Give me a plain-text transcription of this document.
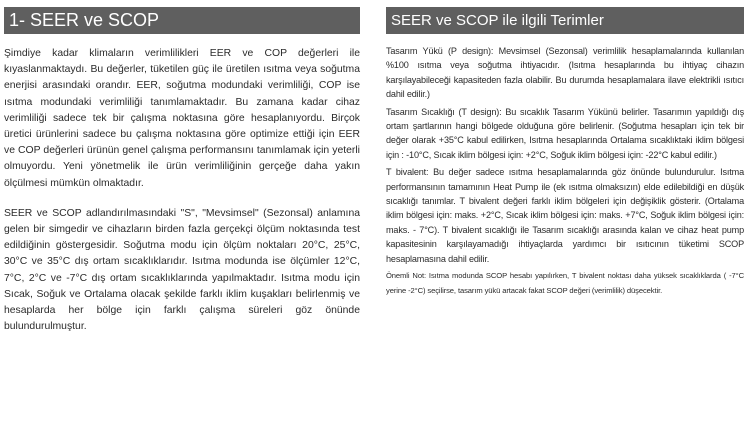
1- SEER ve SCOP

Şimdiye kadar klimaların verimlilikleri EER ve COP değerleri ile kıyaslanmaktaydı. Bu değerler, tüketilen güç ile üretilen ısıtma veya soğutma enerjisi arasındaki orandır. EER, soğutma modundaki verimliliği, COP ise ısıtma modundaki verimliliği tanımlamaktadır. Bu zamana kadar cihaz verimliliği sadece tek bir çalışma noktasına göre hesaplanıyordu. Birçok üretici ürünlerini sadece bu çalışma noktasına göre optimize ettiği için EER ve COP değerleri ürünün genel çalışma performansını tanımlamak için yeterli olmuyordu. Yeni yönetmelik ile ürün verimliliğinin gerçeğe daha yakın ölçülmesi mümkün olmaktadır.

SEER ve SCOP adlandırılmasındaki "S", "Mevsimsel" (Sezonsal) anlamına gelen bir simgedir ve cihazların birden fazla gerçekçi ölçüm noktasında test edildiğinin göstergesidir. Soğutma modu için ölçüm noktaları 20°C, 25°C, 30°C ve 35°C dış ortam sıcaklıklarıdır. Isıtma modunda ise ölçümler 12°C, 7°C, 2°C ve -7°C dış ortam sıcaklıklarında yapılmaktadır. Isıtma modu için Sıcak, Soğuk ve Ortalama olacak şekilde farklı iklim kuşakları belirlenmiş ve hesaplarda her bölge için farklı çalışma süreleri göz önünde bulundurulmuştur.

SEER ve SCOP ile ilgili Terimler

Tasarım Yükü (P design): Mevsimsel (Sezonsal) verimlilik hesaplamalarında kullanılan %100 ısıtma veya soğutma ihtiyacıdır. (Isıtma hesaplarında bu ihtiyaç cihazın karşılayabileceği kapasiteden fazla olabilir. Bu durumda hesaplamalara ilave elektrikli ısıtıcı dahil edilir.)

Tasarım Sıcaklığı (T design): Bu sıcaklık Tasarım Yükünü belirler. Tasarımın yapıldığı dış ortam şartlarının hangi bölgede olduğuna göre belirlenir. (Soğutma hesapları için tek bir değer olarak +35°C kabul edilirken, Isıtma hesaplarında Ortalama sıcaklıktaki iklim bölgesi için : -10°C, Sıcak iklim bölgesi için: +2°C, Soğuk iklim bölgesi için: -22°C kabul edilir.)

T bivalent: Bu değer sadece ısıtma hesaplamalarında göz önünde bulundurulur. Isıtma performansının tamamının Heat Pump ile (ek ısıtma olmaksızın) elde edilebildiği en düşük sıcaklığı tanımlar. T bivalent değeri farklı iklim bölgeleri için değişiklik gösterir. (Ortalama iklim bölgesi için: maks. +2°C, Sıcak iklim bölgesi için: maks. +7°C, Soğuk iklim bölgesi için: maks. - 7°C). T bivalent sıcaklığı ile Tasarım sıcaklığı arasında kalan ve cihaz heat pump kapasitesinin karşılayamadığı ihtiyaçlarda yardımcı bir ısıtıcının tüketimi SCOP hesaplamasına dahil edilir.

Önemli Not: Isıtma modunda SCOP hesabı yapılırken, T bivalent noktası daha yüksek sıcaklıklarda ( -7°C yerine -2°C) seçilirse, tasarım yükü artacak fakat SCOP değeri (verimlilik) düşecektir.
